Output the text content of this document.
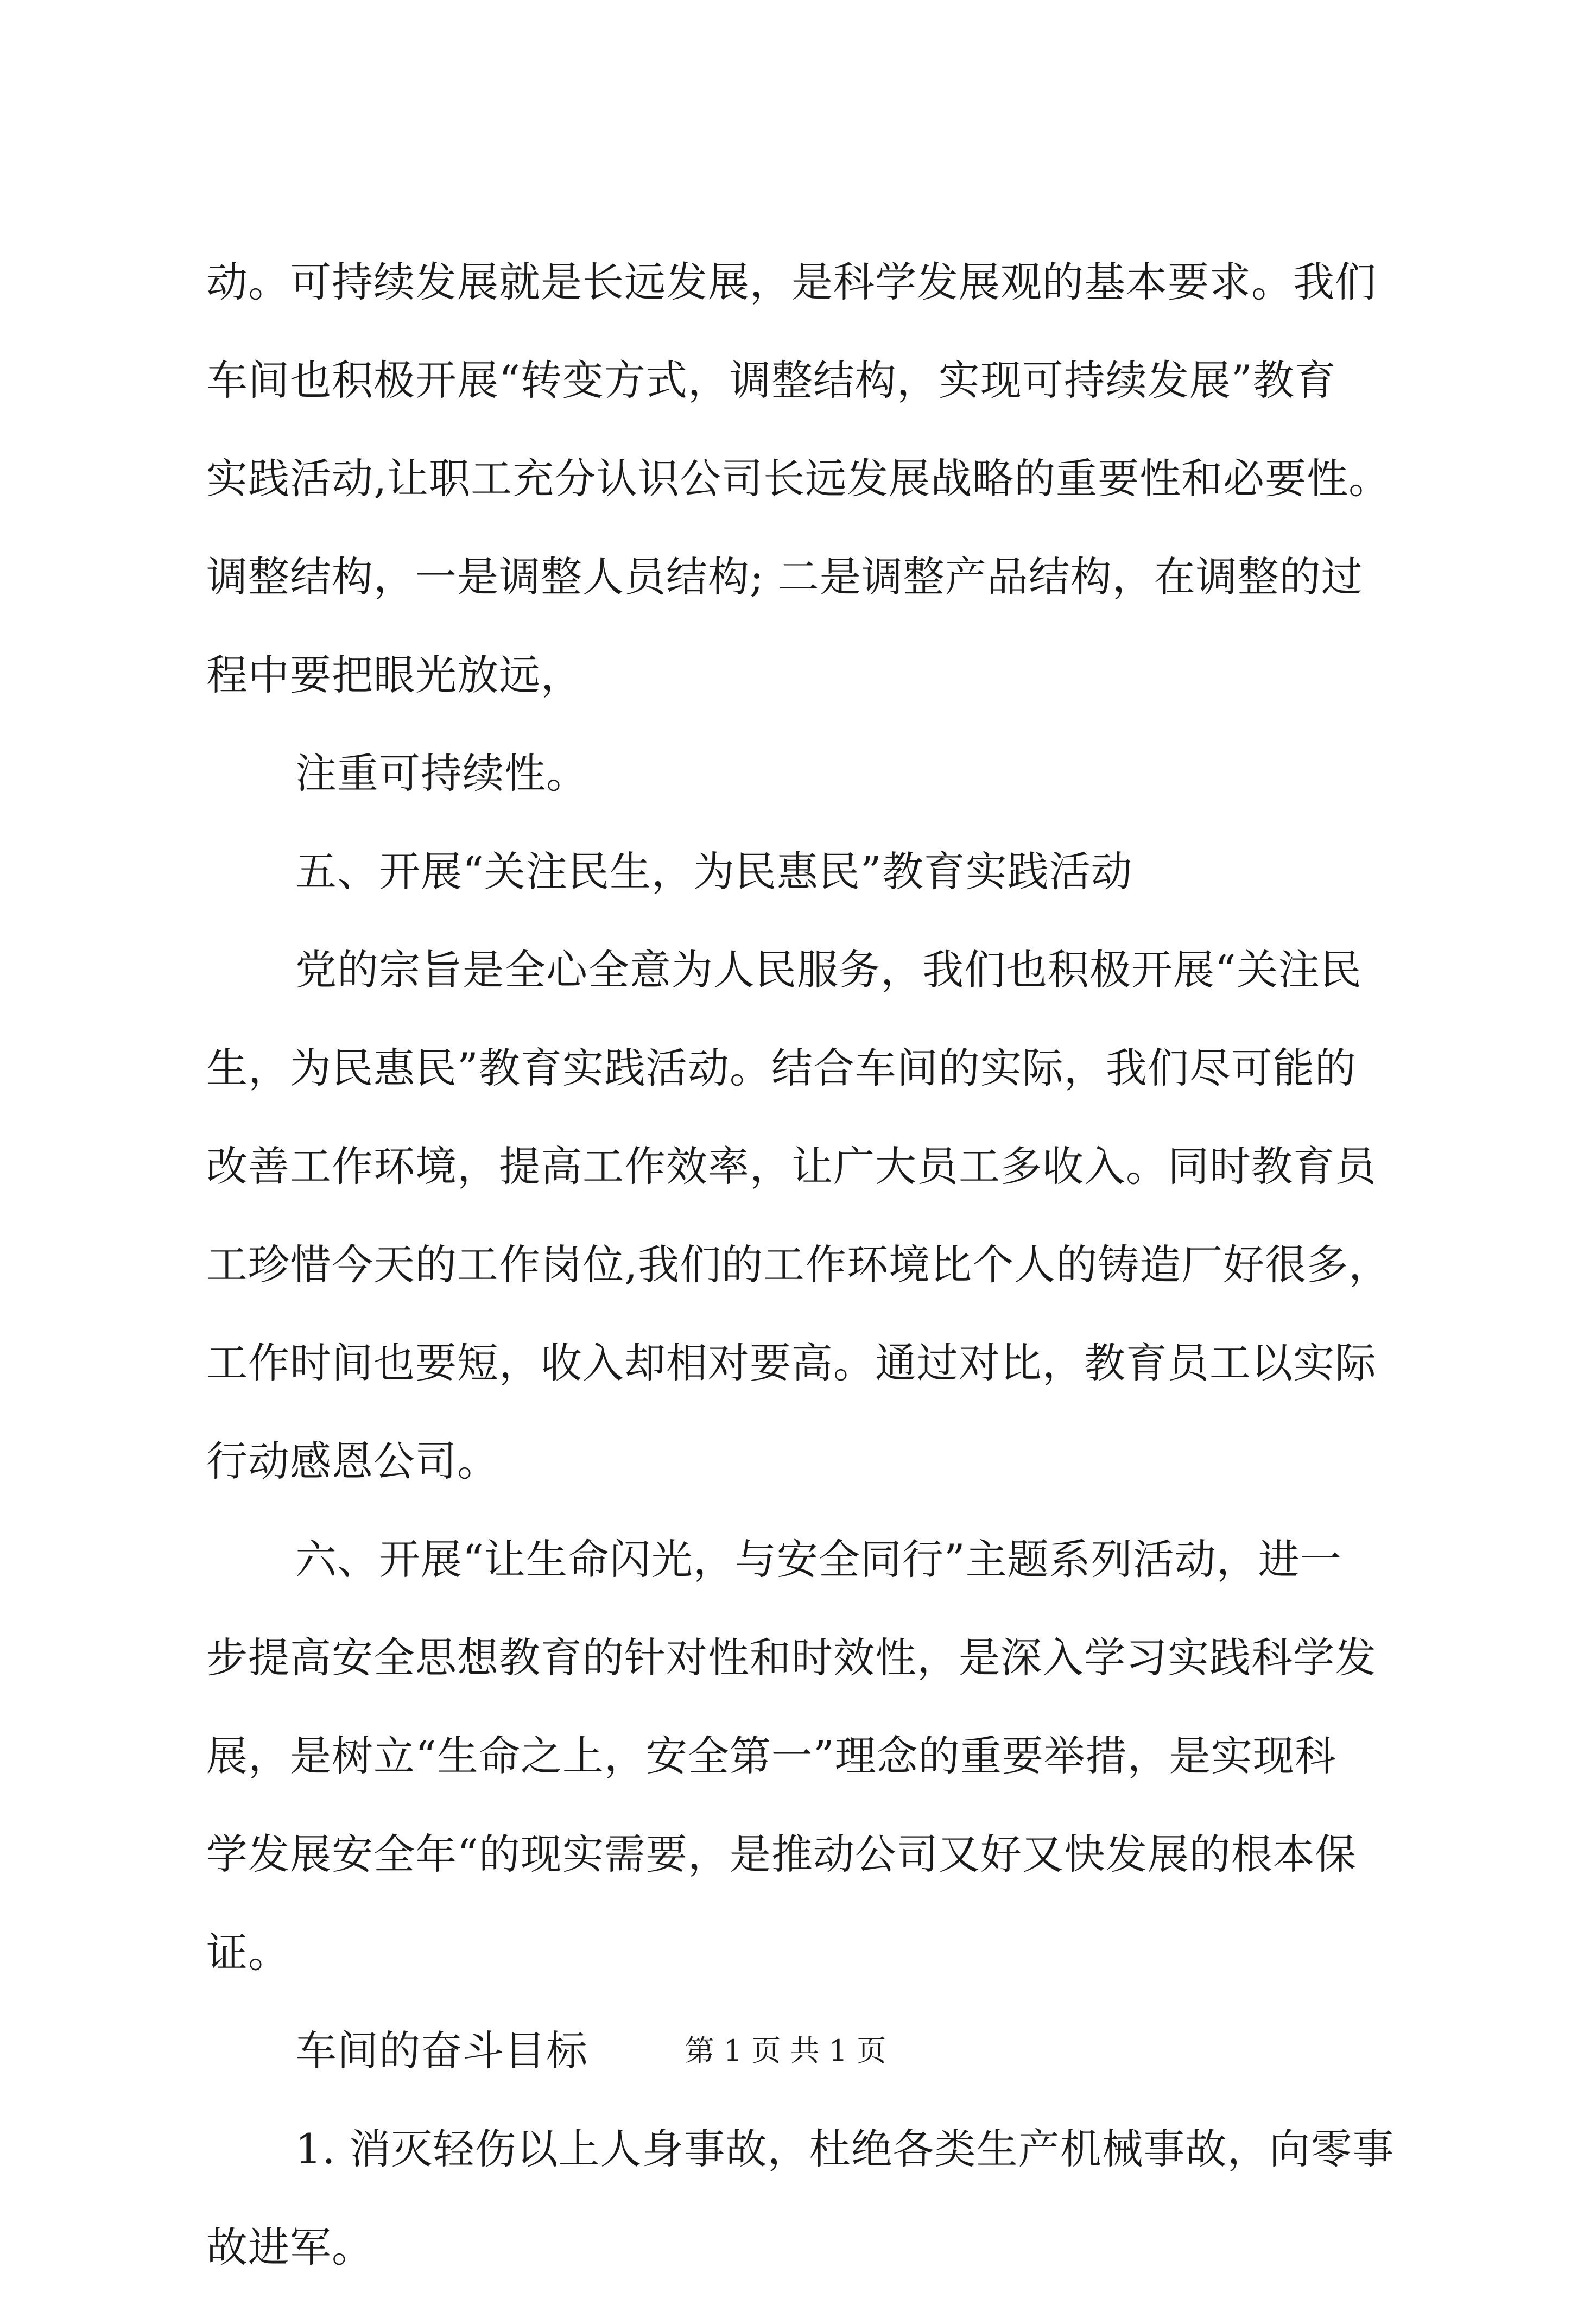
动。可持续发展就是长远发展，是科学发展观的基本要求。我们
车间也积极开展“转变方式，调整结构，实现可持续发展”教育
实践活动,让职工充分认识公司长远发展战略的重要性和必要性。
调整结构，一是调整人员结构; 二是调整产品结构，在调整的过
程中要把眼光放远，
注重可持续性。
五、开展“关注民生，为民惠民”教育实践活动
党的宗旨是全心全意为人民服务，我们也积极开展“关注民
生，为民惠民”教育实践活动。结合车间的实际，我们尽可能的
改善工作环境，提高工作效率，让广大员工多收入。同时教育员
工珍惜今天的工作岗位,我们的工作环境比个人的铸造厂好很多，
工作时间也要短，收入却相对要高。通过对比，教育员工以实际
行动感恩公司。
六、开展“让生命闪光，与安全同行”主题系列活动，进一
步提高安全思想教育的针对性和时效性，是深入学习实践科学发
展，是树立“生命之上，安全第一”理念的重要举措，是实现科
学发展安全年“的现实需要，是推动公司又好又快发展的根本保
证。
车间的奋斗目标
1. 消灭轻伤以上人身事故，杜绝各类生产机械事故，向零事
故进军。
第 1 页 共 1 页
